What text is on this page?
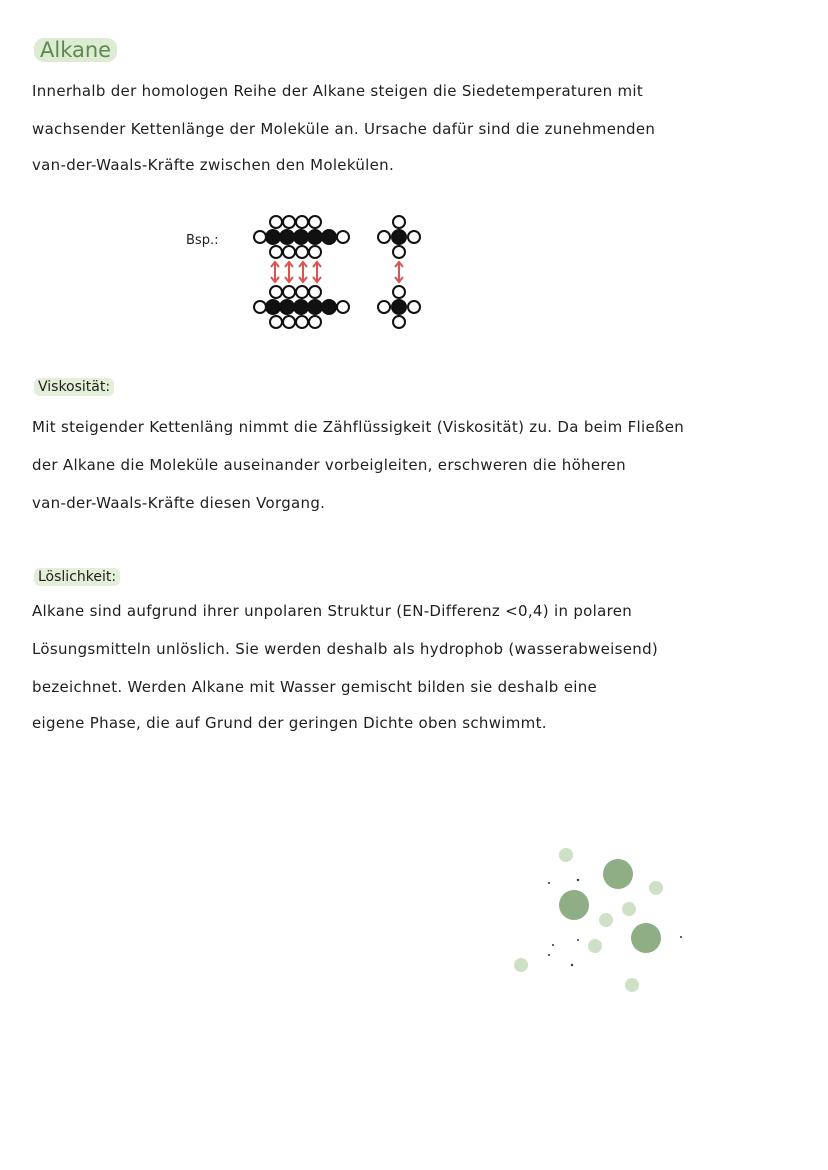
Alkane
Innerhalb der homologen Reihe der Alkane steigen die Siedetemperaturen mit
wachsender Kettenlänge der Moleküle an. Ursache dafür sind die zunehmenden
van-der-Waals-Kräfte zwischen den Molekülen.
Bsp.:
Viskosität:
Mit steigender Kettenläng nimmt die Zähflüssigkeit (Viskosität) zu. Da beim Fließen
der Alkane die Moleküle auseinander vorbeigleiten, erschweren die höheren
van-der-Waals-Kräfte diesen Vorgang.
Löslichkeit:
Alkane sind aufgrund ihrer unpolaren Struktur (EN-Differenz <0,4) in polaren
Lösungsmitteln unlöslich. Sie werden deshalb als hydrophob (wasserabweisend)
bezeichnet. Werden Alkane mit Wasser gemischt bilden sie deshalb eine
eigene Phase, die auf Grund der geringen Dichte oben schwimmt.
